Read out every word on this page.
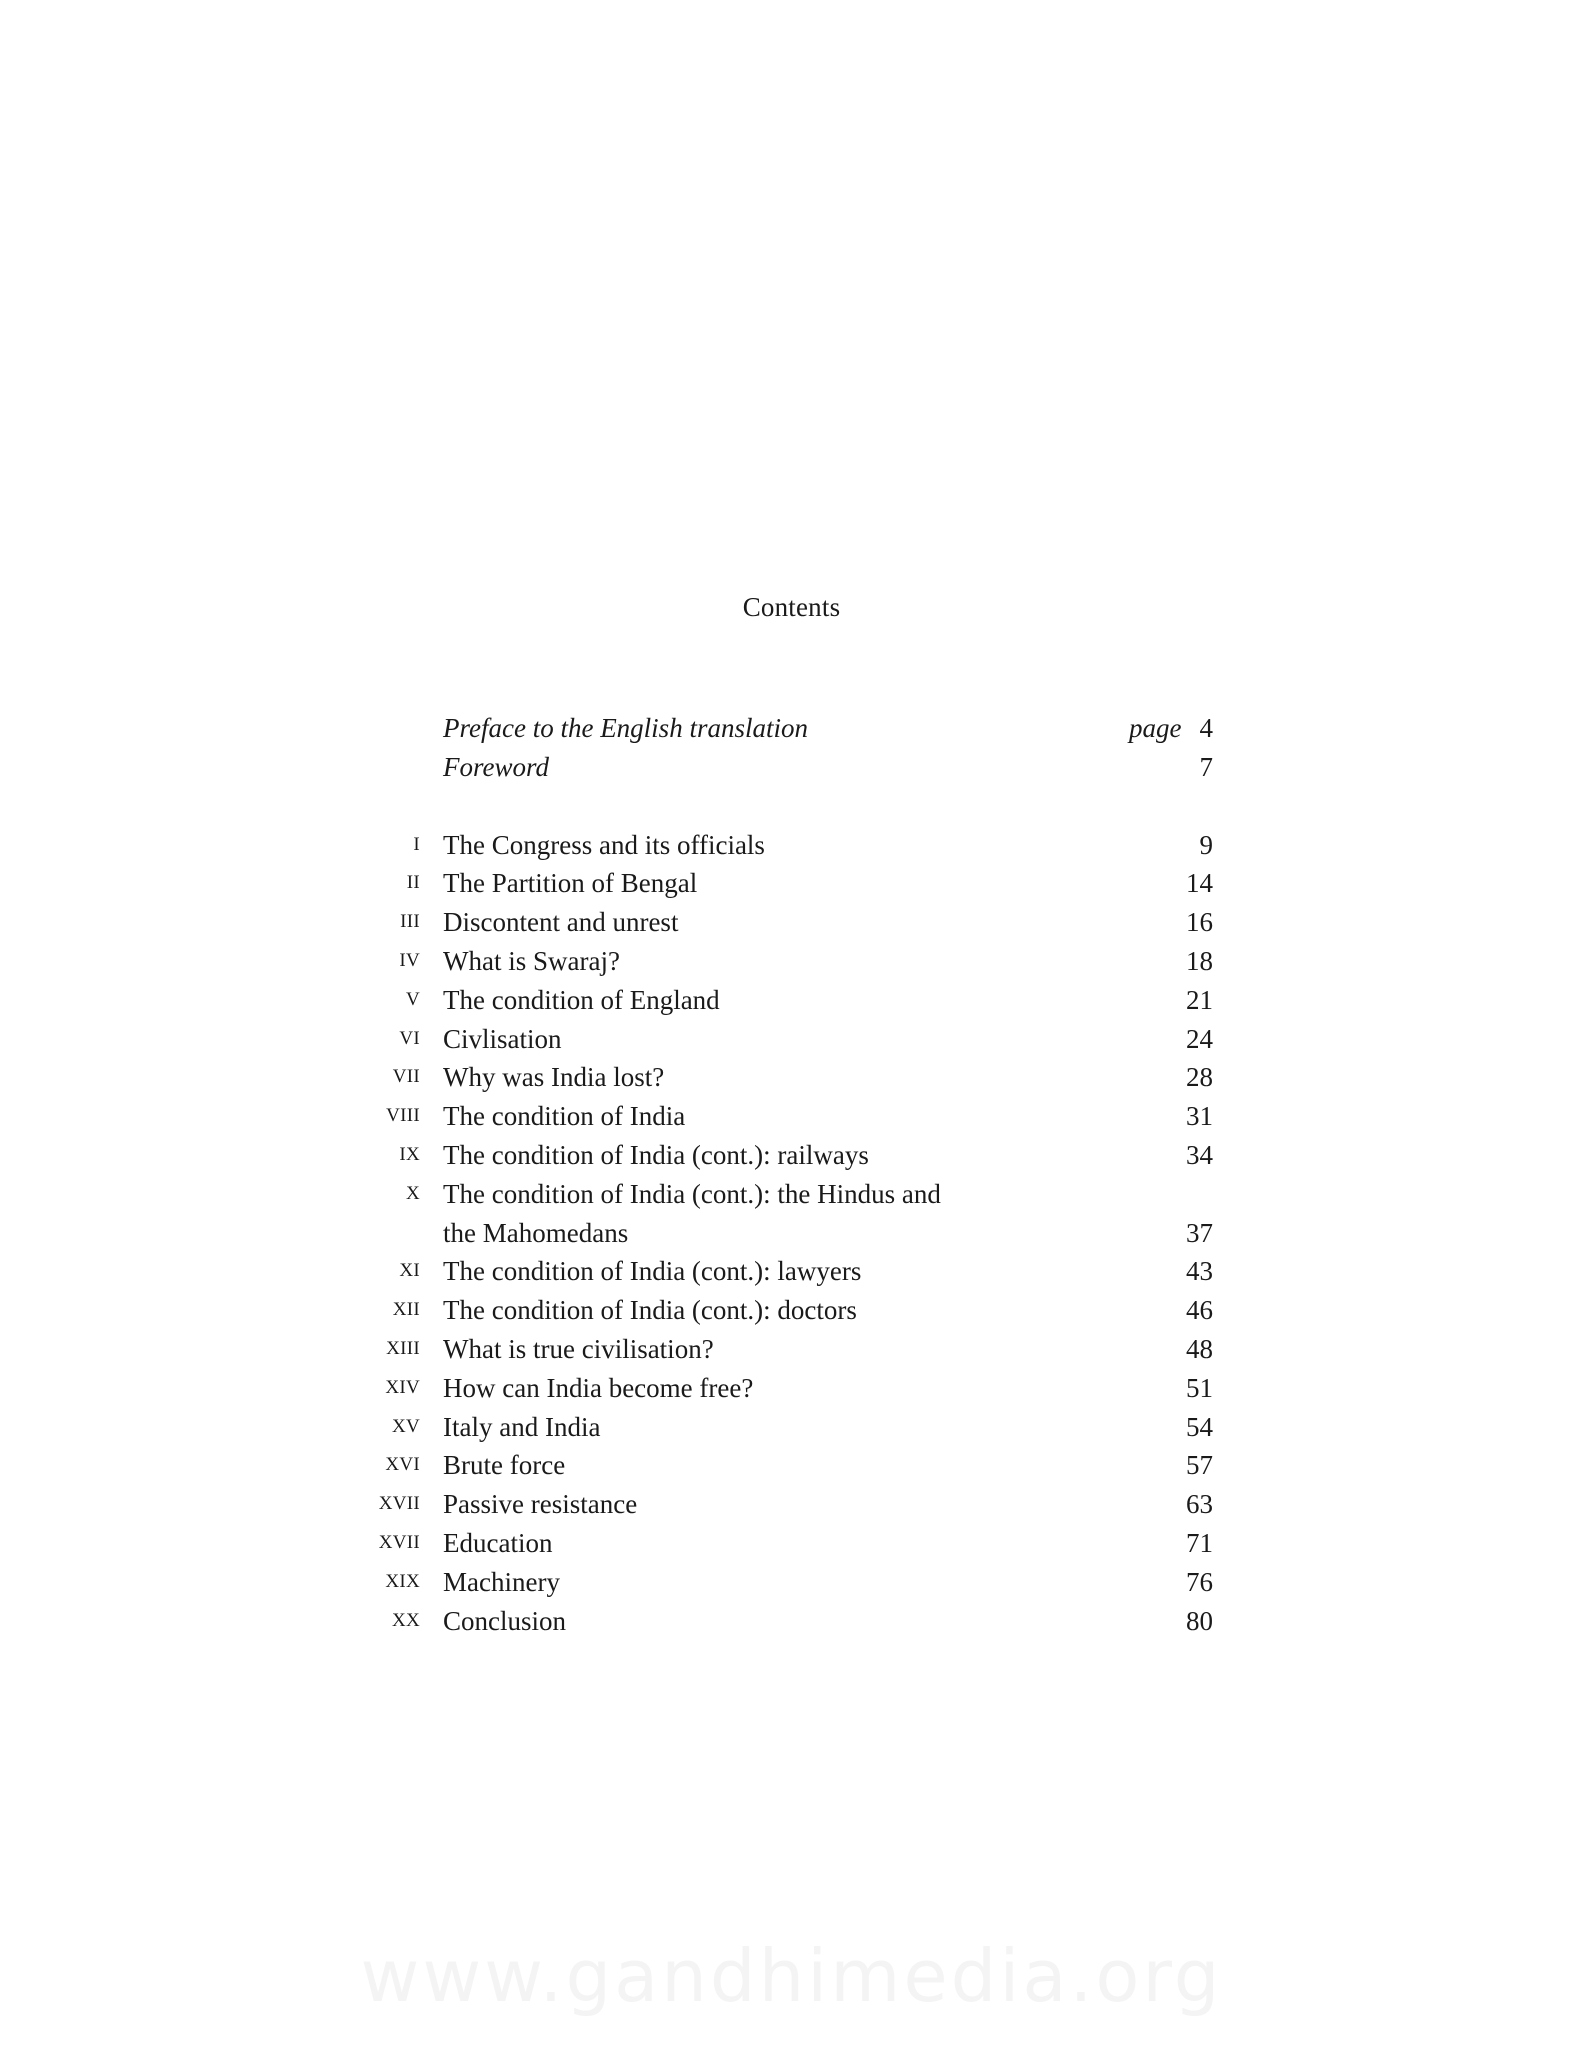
Contents
Preface to the English translation	page 4
Foreword	7
I The Congress and its officials	9
II The Partition of Bengal	14
III Discontent and unrest	16
IV What is Swaraj?	18
V The condition of England	21
VI Civlisation	24
VII Why was India lost?	28
VIII The condition of India	31
IX The condition of India (cont.): railways	34
X The condition of India (cont.): the Hindus and
the Mahomedans	37
XI The condition of India (cont.): lawyers	43
XII The condition of India (cont.): doctors	46
XIII What is true civilisation?	48
XIV How can India become free?	51
XV Italy and India	54
XVI Brute force	57
XVII Passive resistance	63
XVII Education	71
XIX Machinery	76
XX Conclusion	80
www.gandhimedia.org
